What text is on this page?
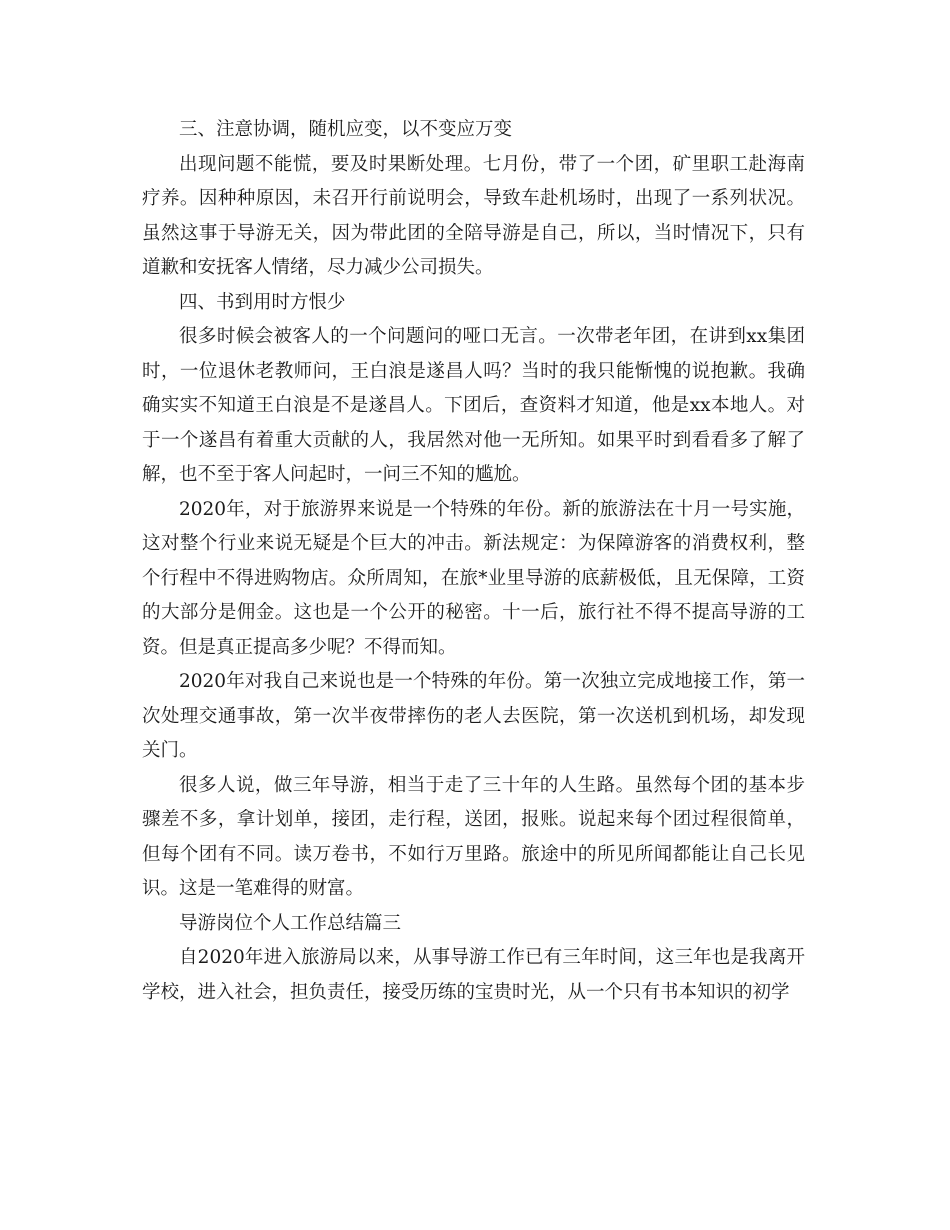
三、注意协调，随机应变，以不变应万变

出现问题不能慌，要及时果断处理。七月份，带了一个团，矿里职工赴海南疗养。因种种原因，未召开行前说明会，导致车赴机场时，出现了一系列状况。虽然这事于导游无关，因为带此团的全陪导游是自己，所以，当时情况下，只有道歉和安抚客人情绪，尽力减少公司损失。

四、书到用时方恨少

很多时候会被客人的一个问题问的哑口无言。一次带老年团，在讲到xx集团时，一位退休老教师问，王白浪是遂昌人吗？当时的我只能惭愧的说抱歉。我确确实实不知道王白浪是不是遂昌人。下团后，查资料才知道，他是xx本地人。对于一个遂昌有着重大贡献的人，我居然对他一无所知。如果平时到看看多了解了解，也不至于客人问起时，一问三不知的尴尬。

2020年，对于旅游界来说是一个特殊的年份。新的旅游法在十月一号实施，这对整个行业来说无疑是个巨大的冲击。新法规定：为保障游客的消费权利，整个行程中不得进购物店。众所周知，在旅*业里导游的底薪极低，且无保障，工资的大部分是佣金。这也是一个公开的秘密。十一后，旅行社不得不提高导游的工资。但是真正提高多少呢？不得而知。

2020年对我自己来说也是一个特殊的年份。第一次独立完成地接工作，第一次处理交通事故，第一次半夜带摔伤的老人去医院，第一次送机到机场，却发现关门。

很多人说，做三年导游，相当于走了三十年的人生路。虽然每个团的基本步骤差不多，拿计划单，接团，走行程，送团，报账。说起来每个团过程很简单，但每个团有不同。读万卷书，不如行万里路。旅途中的所见所闻都能让自己长见识。这是一笔难得的财富。

导游岗位个人工作总结篇三

自2020年进入旅游局以来，从事导游工作已有三年时间，这三年也是我离开学校，进入社会，担负责任，接受历练的宝贵时光，从一个只有书本知识的初学
